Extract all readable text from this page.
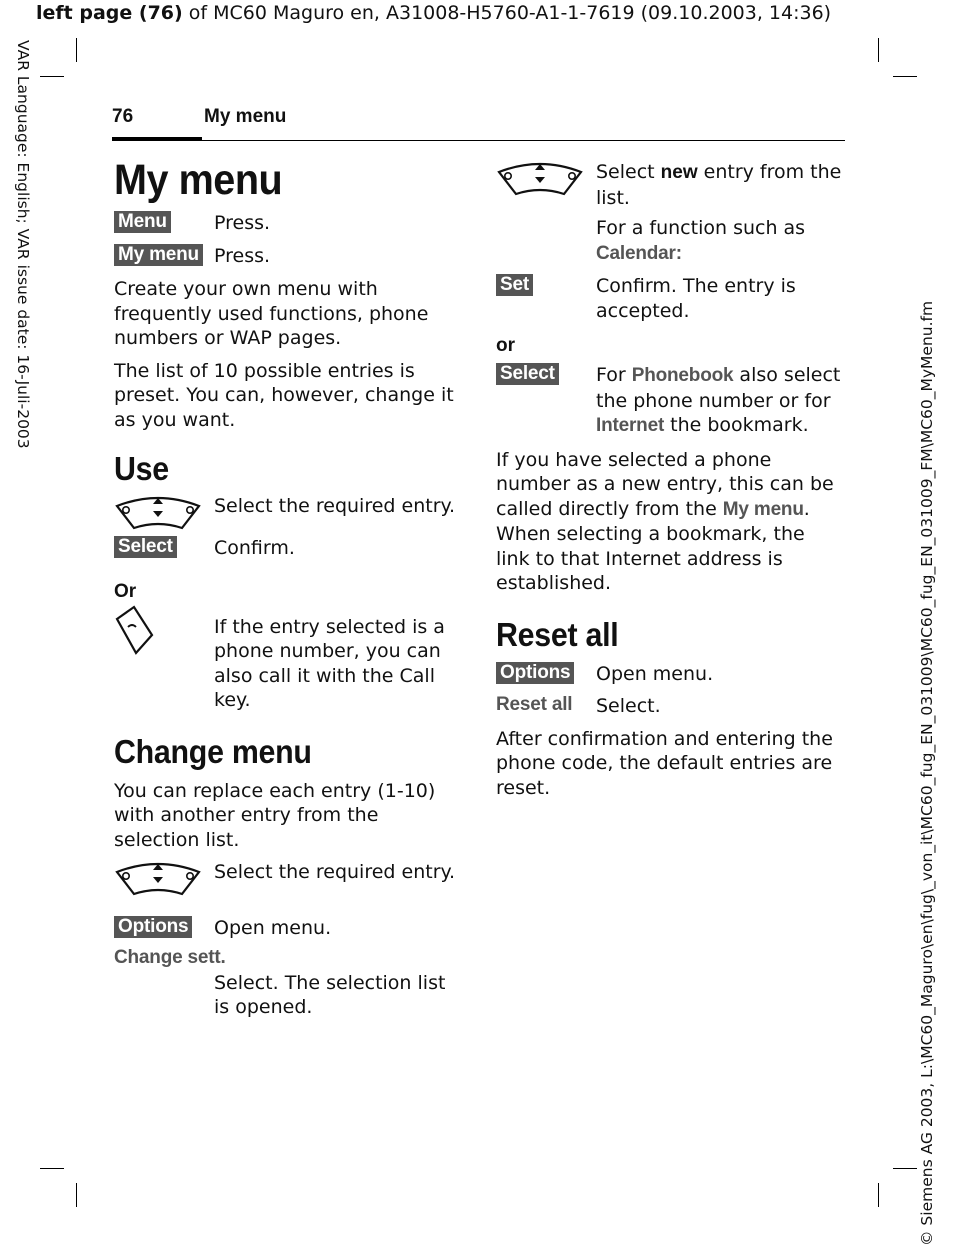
left page (76) of MC60 Maguro en, A31008-H5760-A1-1-7619 (09.10.2003, 14:36)
VAR Language: English; VAR issue date: 16-Juli-2003
© Siemens AG 2003, L:\MC60_Maguro\en\fug\_von_it\MC60_fug_EN_031009\MC60_fug_EN_031009_FM\MC60_MyMenu.fm
76	My menu
My menu
Menu Press.
My menu Press.

Create your own menu with frequently used functions, phone numbers or WAP pages.

The list of 10 possible entries is preset. You can, however, change it as you want.

Use
Select the required entry.
Select Confirm.
Or
If the entry selected is a phone number, you can also call it with the Call key.
Change menu

You can replace each entry (1-10) with another entry from the selection list.

Select the required entry.
Options Open menu.
Change sett.
Select. The selection list is opened.
Select new entry from the list.
For a function such as
Calendar:
Set	Confirm. The entry is accepted.
or
Select For Phonebook also select the phone number or for Internet the bookmark.

If you have selected a phone number as a new entry, this can be called directly from the My menu. When selecting a bookmark, the link to that Internet address is established.

Reset all
Options Open menu.
Reset all Select.

After confirmation and entering the phone code, the default entries are reset.
